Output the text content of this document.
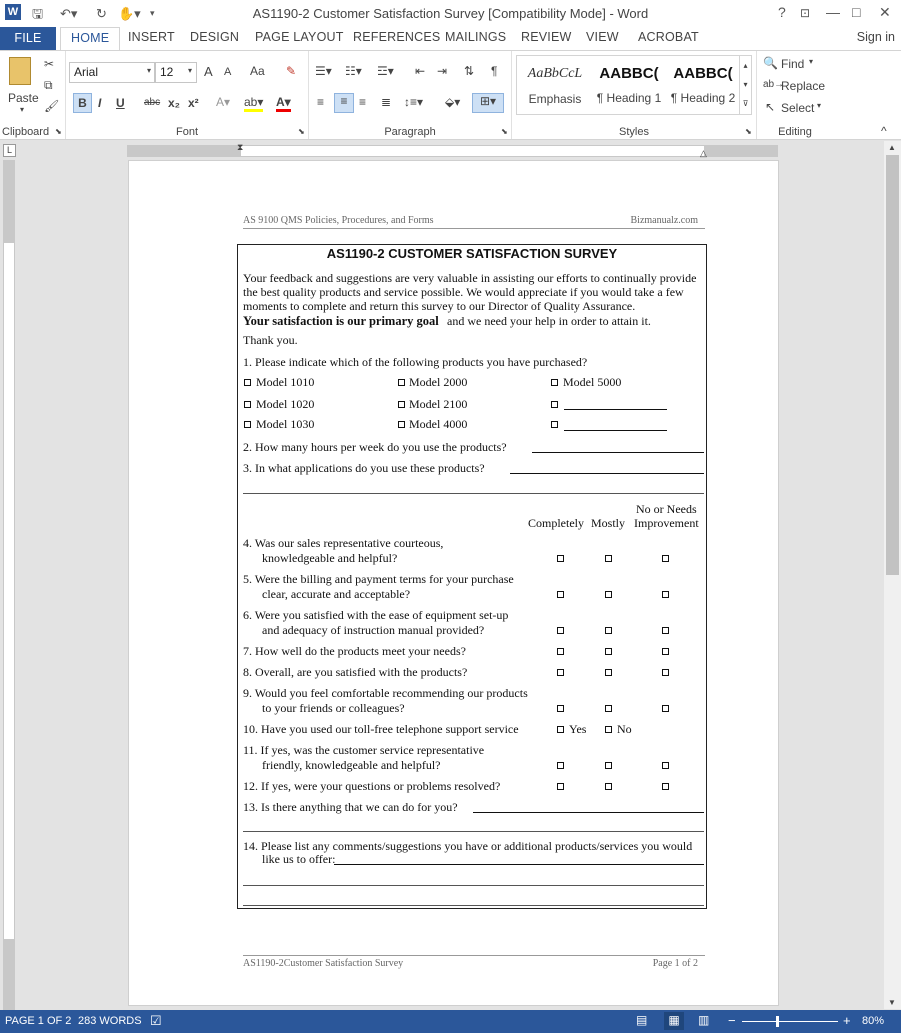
W 🖫 ↶▾ ↻ ✋▾ ▾	AS1190-2 Customer Satisfaction Survey [Compatibility Mode] - Word	? ⊡ — □ ✕
FILE	HOME	INSERT DESIGN PAGE LAYOUT REFERENCES MAILINGS REVIEW VIEW ACROBAT	Sign in
Paste
▾
✂
⧉
🖌
Clipboard ⬊
Arial	▾ 12	▾ A A Aa ✎
B I U abc x₂ x² A▾ ab▾ A▾
Font	⬊
☰▾ ☷▾ ☲▾ ⇤ ⇥ ⇅ ¶
≡	≡ ≡ ≣ ↕≡▾ ⬙▾	⊞▾
Paragraph	⬊
AaBbCcL
Emphasis
AABBC(
¶ Heading 1
AABBC(
¶ Heading 2
▴
▾
⊽
Styles	⬊
🔍 Find ▾
ab→
Replace
↖ Select ▾
Editing	^
L	⧗
△
▲
▼
AS 9100 QMS Policies, Procedures, and Forms	Bizmanualz.com
AS1190-2 CUSTOMER SATISFACTION SURVEY
Your feedback and suggestions are very valuable in assisting our efforts to continually provide
the best quality products and service possible. We would appreciate if you would take a few
moments to complete and return this survey to our Director of Quality Assurance.
Your satisfaction is our primary goal and we need your help in order to attain it.
Thank you.
1. Please indicate which of the following products you have purchased?
Model 1010	Model 2000	Model 5000
Model 1020	Model 2100
Model 1030	Model 4000
2. How many hours per week do you use the products?
3. In what applications do you use these products?
No or Needs
Completely Mostly Improvement
4. Was our sales representative courteous,
knowledgeable and helpful?
5. Were the billing and payment terms for your purchase
clear, accurate and acceptable?
6. Were you satisfied with the ease of equipment set-up
and adequacy of instruction manual provided?
7. How well do the products meet your needs?
8. Overall, are you satisfied with the products?
9. Would you feel comfortable recommending our products
to your friends or colleagues?
10. Have you used our toll-free telephone support service	Yes	No
11. If yes, was the customer service representative
friendly, knowledgeable and helpful?
12. If yes, were your questions or problems resolved?
13. Is there anything that we can do for you?
14. Please list any comments/suggestions you have or additional products/services you would
like us to offer:
AS1190-2Customer Satisfaction Survey	Page 1 of 2
PAGE 1 OF 2 283 WORDS ☑	▤	▦	▥ −	+ 80%
